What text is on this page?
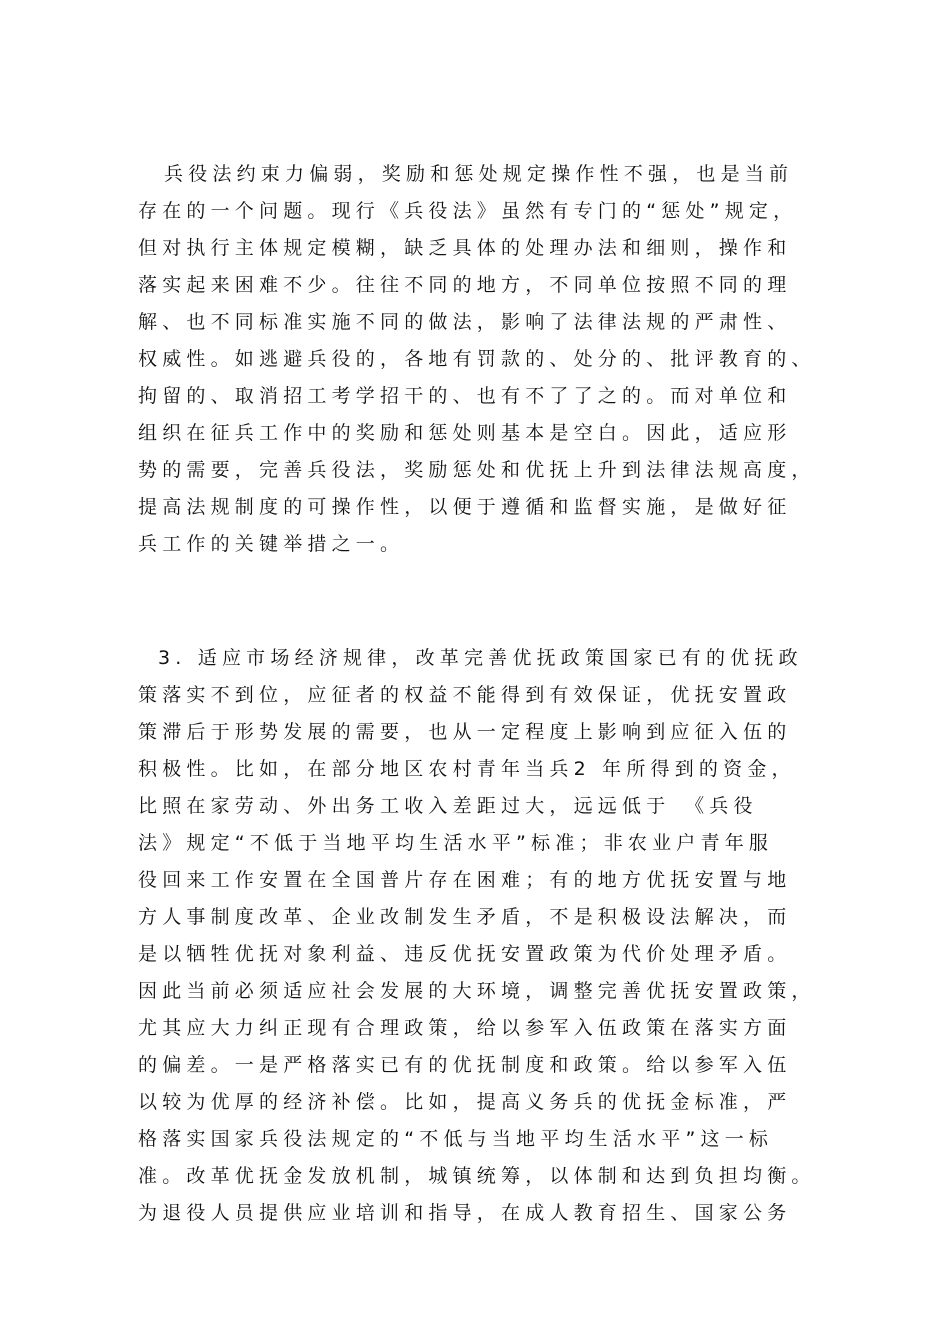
兵役法约束力偏弱，奖励和惩处规定操作性不强，也是当前
存在的一个问题。现行《兵役法》虽然有专门的“惩处”规定，
但对执行主体规定模糊，缺乏具体的处理办法和细则，操作和
落实起来困难不少。往往不同的地方，不同单位按照不同的理
解、也不同标准实施不同的做法，影响了法律法规的严肃性、
权威性。如逃避兵役的，各地有罚款的、处分的、批评教育的、
拘留的、取消招工考学招干的、也有不了了之的。而对单位和
组织在征兵工作中的奖励和惩处则基本是空白。因此，适应形
势的需要，完善兵役法，奖励惩处和优抚上升到法律法规高度，
提高法规制度的可操作性，以便于遵循和监督实施，是做好征
兵工作的关键举措之一。
3. 适应市场经济规律，改革完善优抚政策国家已有的优抚政
策落实不到位，应征者的权益不能得到有效保证，优抚安置政
策滞后于形势发展的需要，也从一定程度上影响到应征入伍的
积极性。比如，在部分地区农村青年当兵2 年所得到的资金，
比照在家劳动、外出务工收入差距过大，远远低于　《兵役
法》规定“不低于当地平均生活水平”标准；非农业户青年服
役回来工作安置在全国普片存在困难；有的地方优抚安置与地
方人事制度改革、企业改制发生矛盾，不是积极设法解决，而
是以牺牲优抚对象利益、违反优抚安置政策为代价处理矛盾。
因此当前必须适应社会发展的大环境，调整完善优抚安置政策，
尤其应大力纠正现有合理政策，给以参军入伍政策在落实方面
的偏差。一是严格落实已有的优抚制度和政策。给以参军入伍
以较为优厚的经济补偿。比如，提高义务兵的优抚金标准，严
格落实国家兵役法规定的“不低与当地平均生活水平”这一标
准。改革优抚金发放机制，城镇统筹，以体制和达到负担均衡。
为退役人员提供应业培训和指导，在成人教育招生、国家公务
